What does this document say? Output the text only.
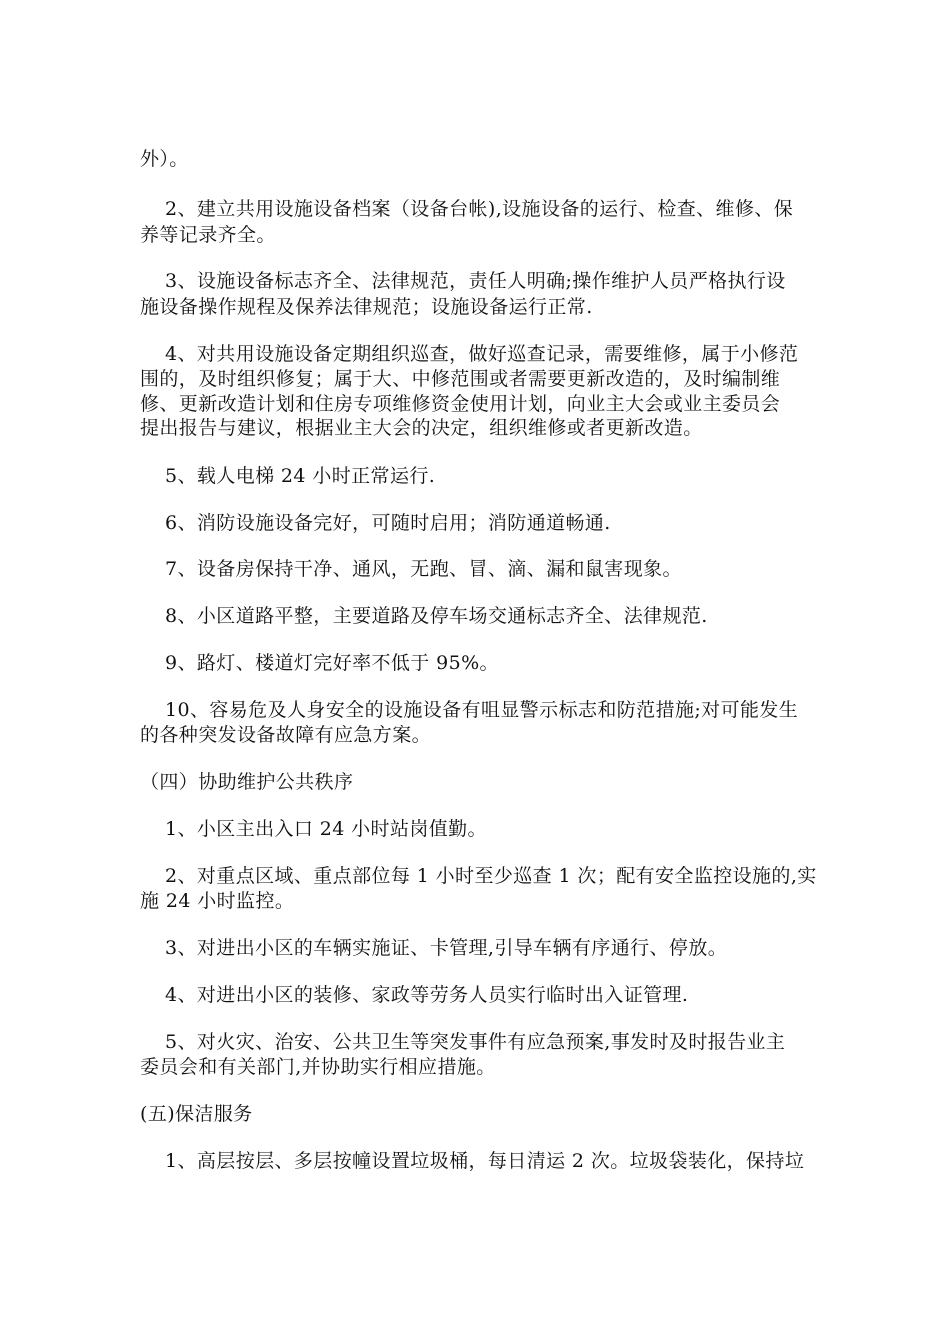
外）。
2、建立共用设施设备档案（设备台帐),设施设备的运行、检查、维修、保
养等记录齐全。
3、设施设备标志齐全、法律规范，责任人明确;操作维护人员严格执行设
施设备操作规程及保养法律规范；设施设备运行正常.
4、对共用设施设备定期组织巡查，做好巡查记录，需要维修，属于小修范
围的，及时组织修复；属于大、中修范围或者需要更新改造的，及时编制维
修、更新改造计划和住房专项维修资金使用计划，向业主大会或业主委员会
提出报告与建议，根据业主大会的决定，组织维修或者更新改造。
5、载人电梯 24 小时正常运行.
6、消防设施设备完好，可随时启用；消防通道畅通.
7、设备房保持干净、通风，无跑、冒、滴、漏和鼠害现象。
8、小区道路平整，主要道路及停车场交通标志齐全、法律规范.
9、路灯、楼道灯完好率不低于 95%。
10、容易危及人身安全的设施设备有咀显警示标志和防范措施;对可能发生
的各种突发设备故障有应急方案。
（四）协助维护公共秩序
1、小区主出入口 24 小时站岗值勤。
2、对重点区域、重点部位每 1 小时至少巡查 1 次；配有安全监控设施的,实
施 24 小时监控。
3、对进出小区的车辆实施证、卡管理,引导车辆有序通行、停放。
4、对进出小区的装修、家政等劳务人员实行临时出入证管理.
5、对火灾、治安、公共卫生等突发事件有应急预案,事发时及时报告业主
委员会和有关部门,并协助实行相应措施。
(五)保洁服务
1、高层按层、多层按幢设置垃圾桶，每日清运 2 次。垃圾袋装化，保持垃
